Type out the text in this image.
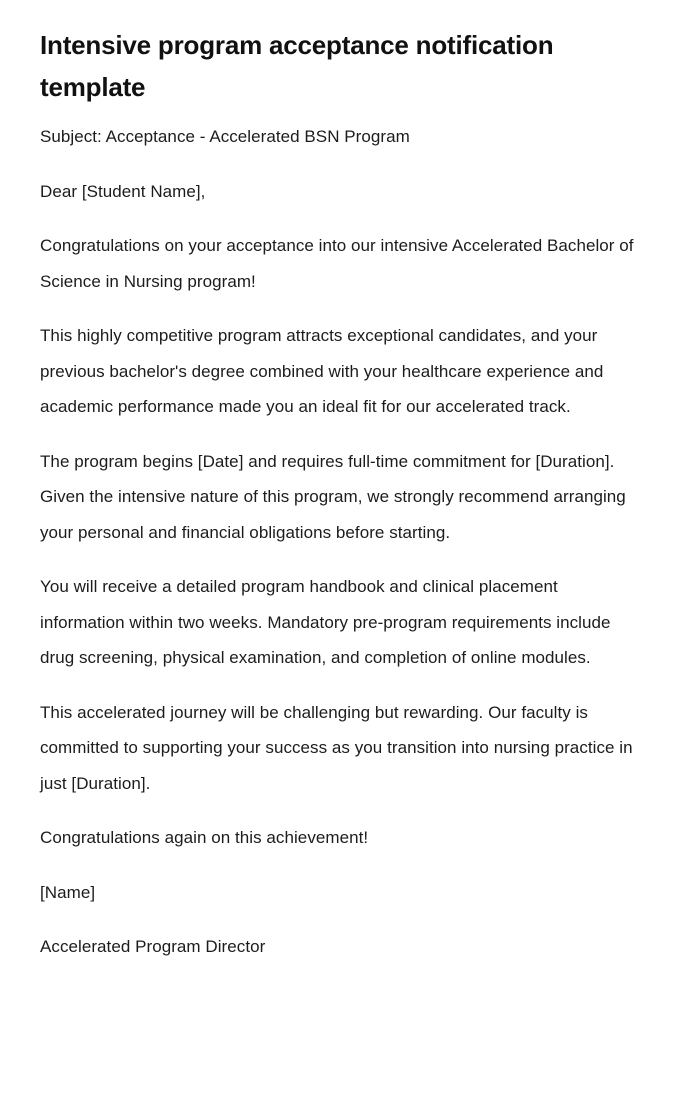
Intensive program acceptance notification template

Subject: Acceptance - Accelerated BSN Program

Dear [Student Name],

Congratulations on your acceptance into our intensive Accelerated Bachelor of Science in Nursing program!

This highly competitive program attracts exceptional candidates, and your previous bachelor's degree combined with your healthcare experience and academic performance made you an ideal fit for our accelerated track.

The program begins [Date] and requires full-time commitment for [Duration]. Given the intensive nature of this program, we strongly recommend arranging your personal and financial obligations before starting.

You will receive a detailed program handbook and clinical placement information within two weeks. Mandatory pre-program requirements include drug screening, physical examination, and completion of online modules.

This accelerated journey will be challenging but rewarding. Our faculty is committed to supporting your success as you transition into nursing practice in just [Duration].

Congratulations again on this achievement!

[Name]

Accelerated Program Director
